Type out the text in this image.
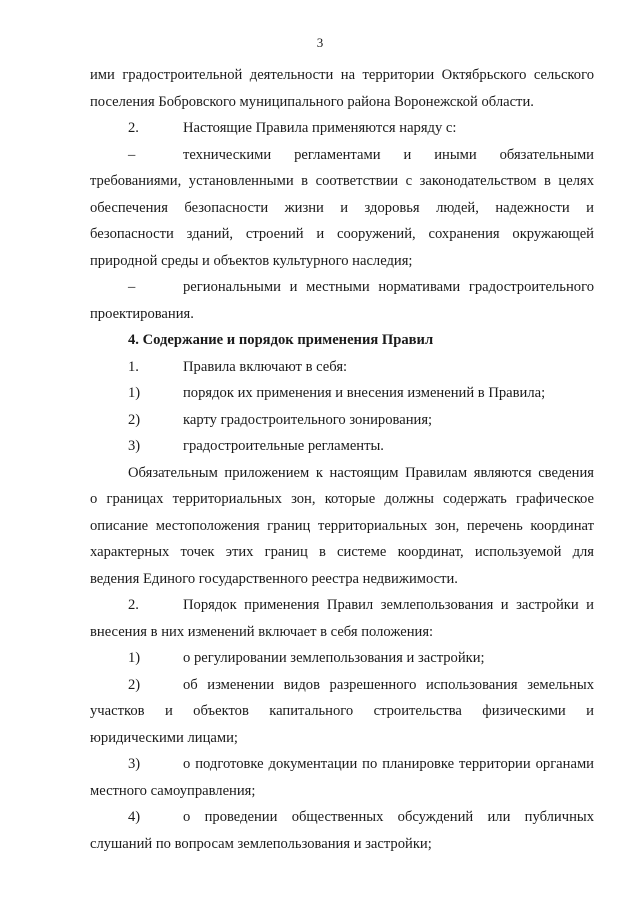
3
ими градостроительной деятельности на территории Октябрьского сельского
поселения Бобровского муниципального района Воронежской области.
2.	Настоящие Правила применяются наряду с:
–	техническими регламентами и иными обязательными
требованиями, установленными в соответствии с законодательством в целях
обеспечения безопасности жизни и здоровья людей, надежности и
безопасности зданий, строений и сооружений, сохранения окружающей
природной среды и объектов культурного наследия;
–	региональными и местными нормативами градостроительного
проектирования.
4. Содержание и порядок применения Правил
1.	Правила включают в себя:
1)	порядок их применения и внесения изменений в Правила;
2)	карту градостроительного зонирования;
3)	градостроительные регламенты.
Обязательным приложением к настоящим Правилам являются сведения
о границах территориальных зон, которые должны содержать графическое
описание местоположения границ территориальных зон, перечень координат
характерных точек этих границ в системе координат, используемой для
ведения Единого государственного реестра недвижимости.
2.	Порядок применения Правил землепользования и застройки и
внесения в них изменений включает в себя положения:
1)	о регулировании землепользования и застройки;
2)	об изменении видов разрешенного использования земельных
участков и объектов капитального строительства физическими и
юридическими лицами;
3)	о подготовке документации по планировке территории органами
местного самоуправления;
4)	о проведении общественных обсуждений или публичных
слушаний по вопросам землепользования и застройки;
